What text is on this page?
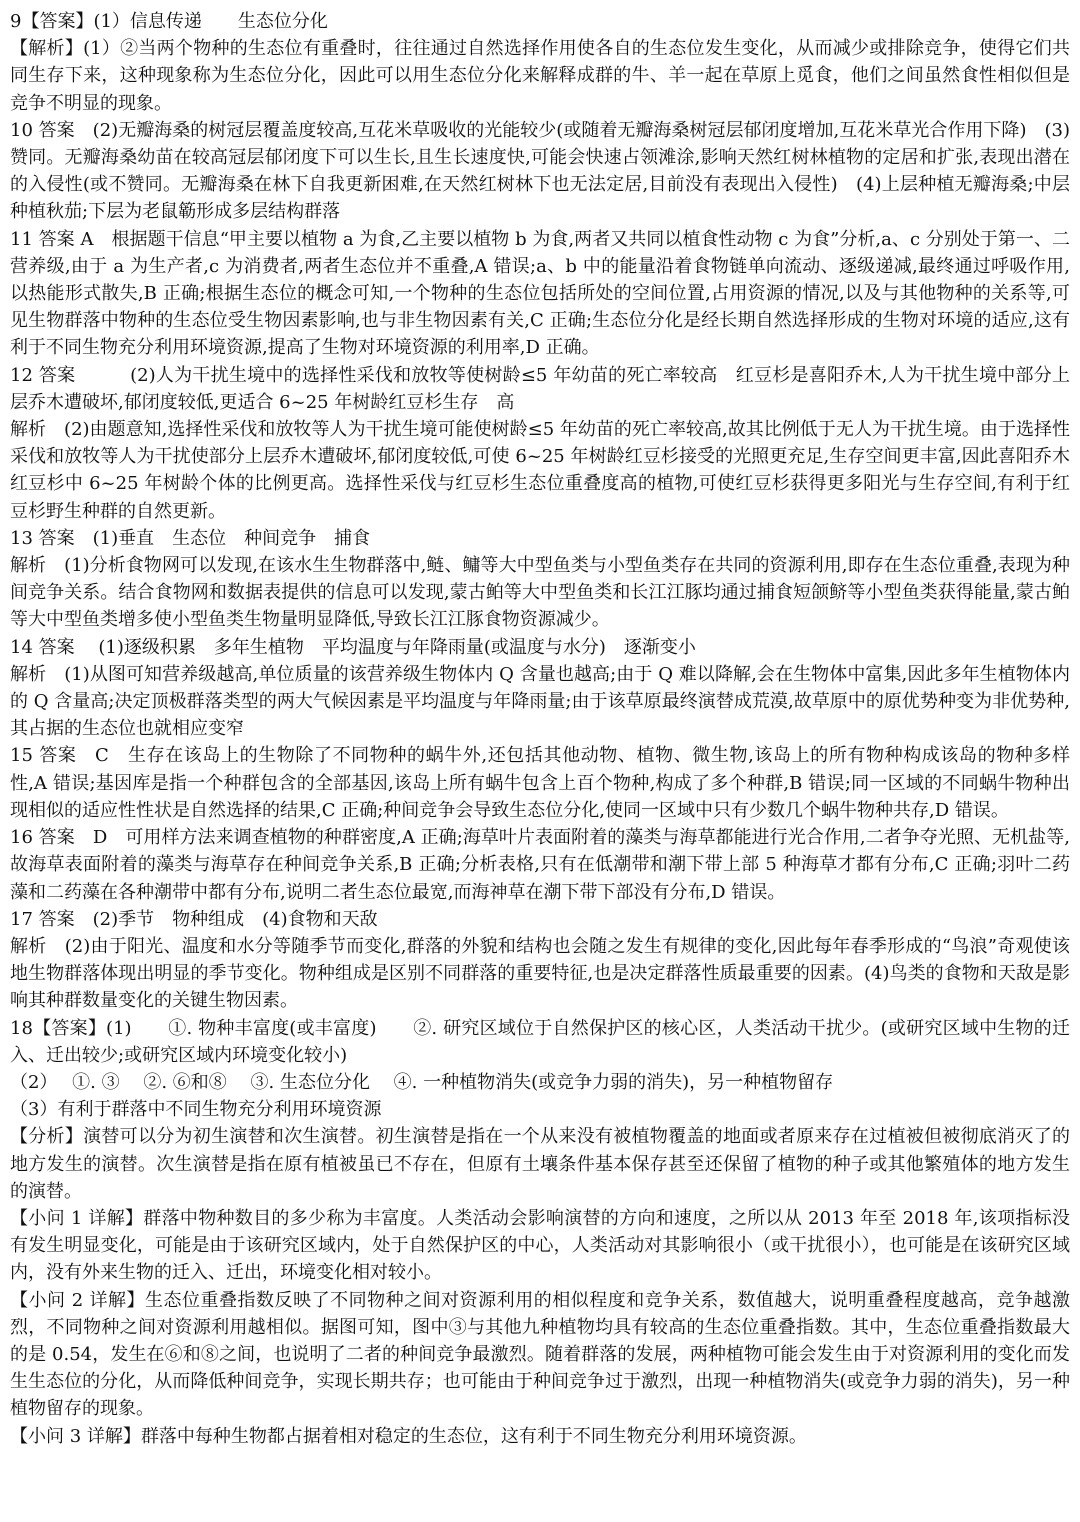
9【答案】(1）信息传递　　生态位分化

【解析】(1）②当两个物种的生态位有重叠时，往往通过自然选择作用使各自的生态位发生变化，从而减少或排除竞争，使得它们共同生存下来，这种现象称为生态位分化，因此可以用生态位分化来解释成群的牛、羊一起在草原上觅食，他们之间虽然食性相似但是竞争不明显的现象。

10 答案　(2)无瓣海桑的树冠层覆盖度较高,互花米草吸收的光能较少(或随着无瓣海桑树冠层郁闭度增加,互花米草光合作用下降)　(3)赞同。无瓣海桑幼苗在较高冠层郁闭度下可以生长,且生长速度快,可能会快速占领滩涂,影响天然红树林植物的定居和扩张,表现出潜在的入侵性(或不赞同。无瓣海桑在林下自我更新困难,在天然红树林下也无法定居,目前没有表现出入侵性)　(4)上层种植无瓣海桑;中层种植秋茄;下层为老鼠簕形成多层结构群落

11 答案 A　根据题干信息“甲主要以植物 a 为食,乙主要以植物 b 为食,两者又共同以植食性动物 c 为食”分析,a、c 分别处于第一、二营养级,由于 a 为生产者,c 为消费者,两者生态位并不重叠,A 错误;a、b 中的能量沿着食物链单向流动、逐级递减,最终通过呼吸作用,以热能形式散失,B 正确;根据生态位的概念可知,一个物种的生态位包括所处的空间位置,占用资源的情况,以及与其他物种的关系等,可见生物群落中物种的生态位受生物因素影响,也与非生物因素有关,C 正确;生态位分化是经长期自然选择形成的生物对环境的适应,这有利于不同生物充分利用环境资源,提高了生物对环境资源的利用率,D 正确。

12 答案　　　(2)人为干扰生境中的选择性采伐和放牧等使树龄≤5 年幼苗的死亡率较高　红豆杉是喜阳乔木,人为干扰生境中部分上层乔木遭破坏,郁闭度较低,更适合 6~25 年树龄红豆杉生存　高

解析　(2)由题意知,选择性采伐和放牧等人为干扰生境可能使树龄≤5 年幼苗的死亡率较高,故其比例低于无人为干扰生境。由于选择性采伐和放牧等人为干扰使部分上层乔木遭破坏,郁闭度较低,可使 6~25 年树龄红豆杉接受的光照更充足,生存空间更丰富,因此喜阳乔木红豆杉中 6~25 年树龄个体的比例更高。选择性采伐与红豆杉生态位重叠度高的植物,可使红豆杉获得更多阳光与生存空间,有利于红豆杉野生种群的自然更新。

13 答案　(1)垂直　生态位　种间竞争　捕食

解析　(1)分析食物网可以发现,在该水生生物群落中,鲢、鳙等大中型鱼类与小型鱼类存在共同的资源利用,即存在生态位重叠,表现为种间竞争关系。结合食物网和数据表提供的信息可以发现,蒙古鲌等大中型鱼类和长江江豚均通过捕食短颌鲚等小型鱼类获得能量,蒙古鲌等大中型鱼类增多使小型鱼类生物量明显降低,导致长江江豚食物资源减少。

14 答案　 (1)逐级积累　多年生植物　平均温度与年降雨量(或温度与水分)　逐渐变小

解析　(1)从图可知营养级越高,单位质量的该营养级生物体内 Q 含量也越高;由于 Q 难以降解,会在生物体中富集,因此多年生植物体内的 Q 含量高;决定顶极群落类型的两大气候因素是平均温度与年降雨量;由于该草原最终演替成荒漠,故草原中的原优势种变为非优势种,其占据的生态位也就相应变窄

15 答案　C　生存在该岛上的生物除了不同物种的蜗牛外,还包括其他动物、植物、微生物,该岛上的所有物种构成该岛的物种多样性,A 错误;基因库是指一个种群包含的全部基因,该岛上所有蜗牛包含上百个物种,构成了多个种群,B 错误;同一区域的不同蜗牛物种出现相似的适应性性状是自然选择的结果,C 正确;种间竞争会导致生态位分化,使同一区域中只有少数几个蜗牛物种共存,D 错误。

16 答案　D　可用样方法来调查植物的种群密度,A 正确;海草叶片表面附着的藻类与海草都能进行光合作用,二者争夺光照、无机盐等,故海草表面附着的藻类与海草存在种间竞争关系,B 正确;分析表格,只有在低潮带和潮下带上部 5 种海草才都有分布,C 正确;羽叶二药藻和二药藻在各种潮带中都有分布,说明二者生态位最宽,而海神草在潮下带下部没有分布,D 错误。

17 答案　(2)季节　物种组成　(4)食物和天敌

解析　(2)由于阳光、温度和水分等随季节而变化,群落的外貌和结构也会随之发生有规律的变化,因此每年春季形成的“鸟浪”奇观使该地生物群落体现出明显的季节变化。物种组成是区别不同群落的重要特征,也是决定群落性质最重要的因素。(4)鸟类的食物和天敌是影响其种群数量变化的关键生物因素。

18【答案】(1)　　①. 物种丰富度(或丰富度)　　②. 研究区域位于自然保护区的核心区，人类活动干扰少。(或研究区域中生物的迁入、迁出较少;或研究区域内环境变化较小)

（2）　 ①. ③　 ②. ⑥和⑧　 ③. 生态位分化　 ④. 一种植物消失(或竞争力弱的消失)，另一种植物留存

（3）有利于群落中不同生物充分利用环境资源

【分析】演替可以分为初生演替和次生演替。初生演替是指在一个从来没有被植物覆盖的地面或者原来存在过植被但被彻底消灭了的地方发生的演替。次生演替是指在原有植被虽已不存在，但原有土壤条件基本保存甚至还保留了植物的种子或其他繁殖体的地方发生的演替。

【小问 1 详解】群落中物种数目的多少称为丰富度。人类活动会影响演替的方向和速度，之所以从 2013 年至 2018 年,该项指标没有发生明显变化，可能是由于该研究区域内，处于自然保护区的中心，人类活动对其影响很小（或干扰很小），也可能是在该研究区域内，没有外来生物的迁入、迁出，环境变化相对较小。

【小问 2 详解】生态位重叠指数反映了不同物种之间对资源利用的相似程度和竞争关系，数值越大，说明重叠程度越高，竞争越激烈，不同物种之间对资源利用越相似。据图可知，图中③与其他九种植物均具有较高的生态位重叠指数。其中，生态位重叠指数最大的是 0.54，发生在⑥和⑧之间，也说明了二者的种间竞争最激烈。随着群落的发展，两种植物可能会发生由于对资源利用的变化而发生生态位的分化，从而降低种间竞争，实现长期共存；也可能由于种间竞争过于激烈，出现一种植物消失(或竞争力弱的消失)，另一种植物留存的现象。

【小问 3 详解】群落中每种生物都占据着相对稳定的生态位，这有利于不同生物充分利用环境资源。
